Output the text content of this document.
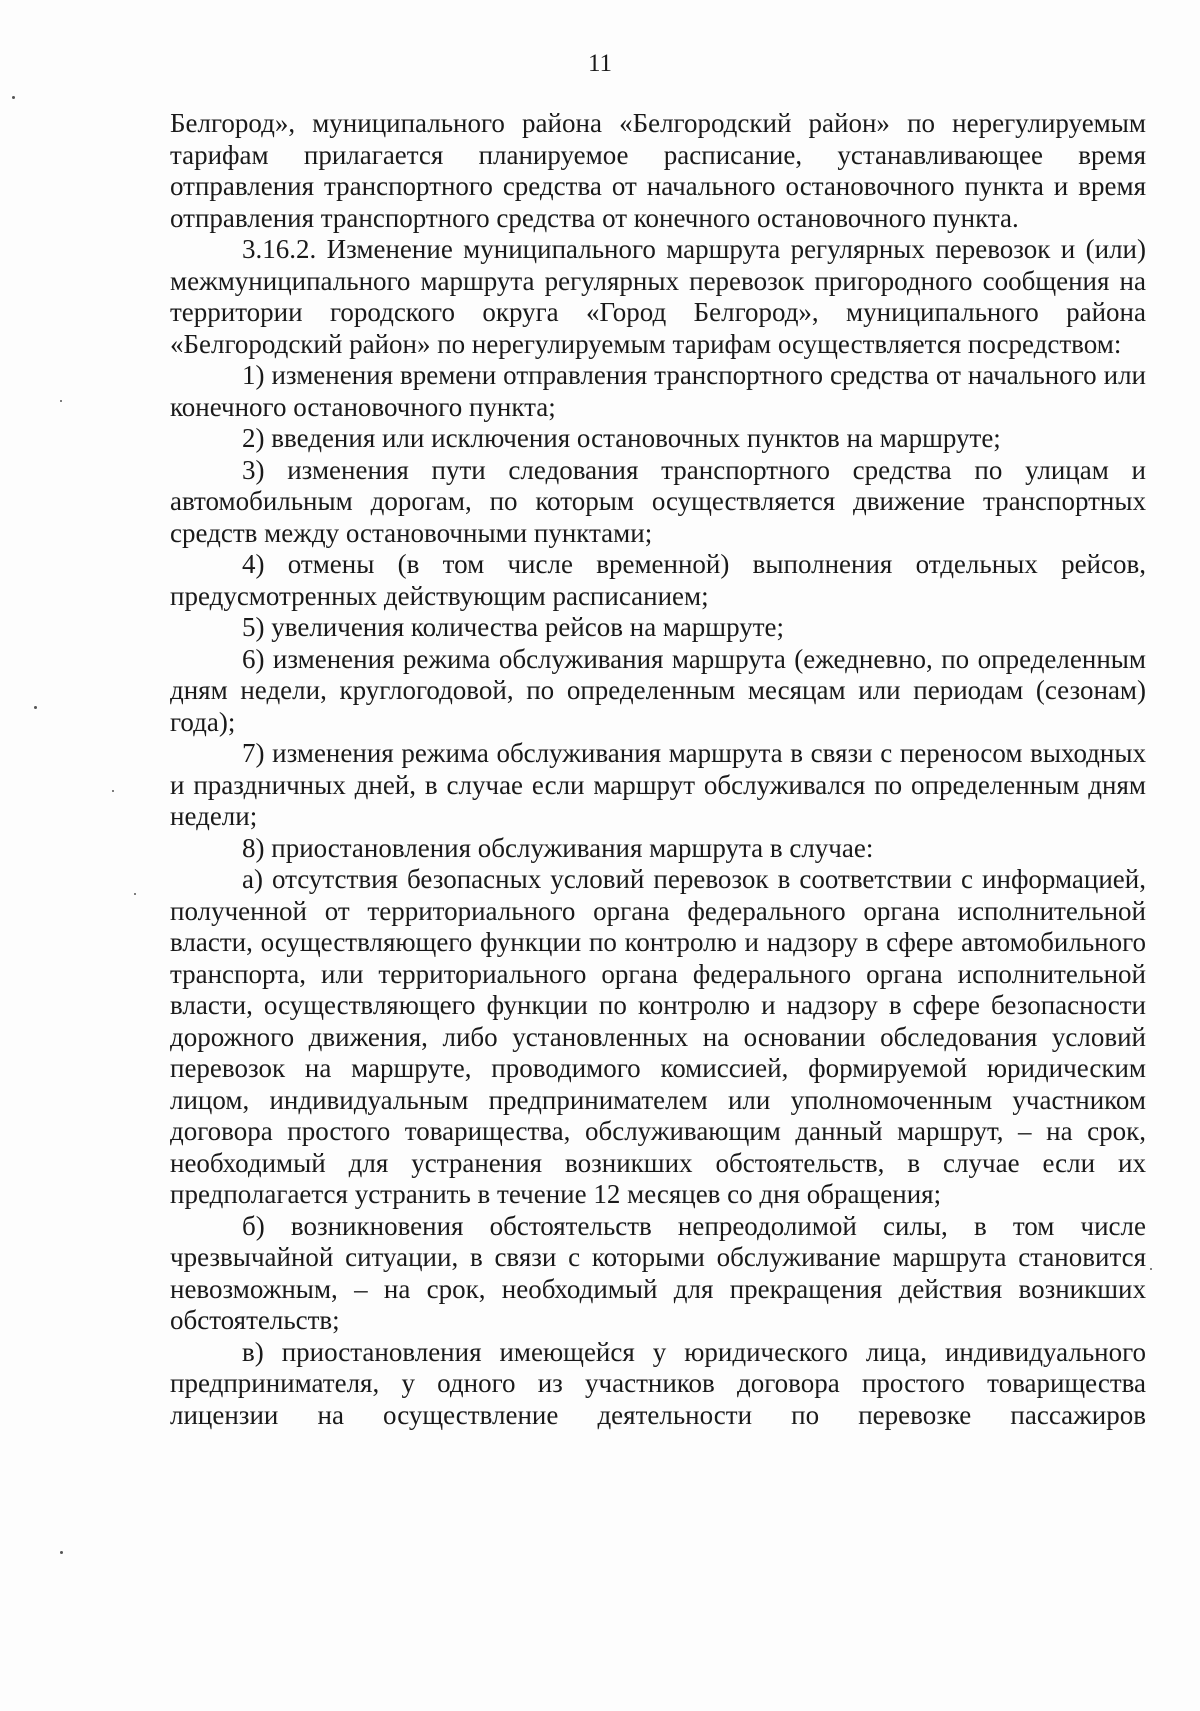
11

Белгород», муниципального района «Белгородский район» по нерегулируемым тарифам прилагается планируемое расписание, устанавливающее время отправления транспортного средства от начального остановочного пункта и время отправления транспортного средства от конечного остановочного пункта.

3.16.2. Изменение муниципального маршрута регулярных перевозок и (или) межмуниципального маршрута регулярных перевозок пригородного сообщения на территории городского округа «Город Белгород», муниципального района «Белгородский район» по нерегулируемым тарифам осуществляется посредством:

1) изменения времени отправления транспортного средства от начального или конечного остановочного пункта;

2) введения или исключения остановочных пунктов на маршруте;

3) изменения пути следования транспортного средства по улицам и автомобильным дорогам, по которым осуществляется движение транспортных средств между остановочными пунктами;

4) отмены (в том числе временной) выполнения отдельных рейсов, предусмотренных действующим расписанием;

5) увеличения количества рейсов на маршруте;

6) изменения режима обслуживания маршрута (ежедневно, по определенным дням недели, круглогодовой, по определенным месяцам или периодам (сезонам) года);

7) изменения режима обслуживания маршрута в связи с переносом выходных и праздничных дней, в случае если маршрут обслуживался по определенным дням недели;

8) приостановления обслуживания маршрута в случае:

а) отсутствия безопасных условий перевозок в соответствии с информацией, полученной от территориального органа федерального органа исполнительной власти, осуществляющего функции по контролю и надзору в сфере автомобильного транспорта, или территориального органа федерального органа исполнительной власти, осуществляющего функции по контролю и надзору в сфере безопасности дорожного движения, либо установленных на основании обследования условий перевозок на маршруте, проводимого комиссией, формируемой юридическим лицом, индивидуальным предпринимателем или уполномоченным участником договора простого товарищества, обслуживающим данный маршрут, – на срок, необходимый для устранения возникших обстоятельств, в случае если их предполагается устранить в течение 12 месяцев со дня обращения;

б) возникновения обстоятельств непреодолимой силы, в том числе чрезвычайной ситуации, в связи с которыми обслуживание маршрута становится невозможным, – на срок, необходимый для прекращения действия возникших обстоятельств;

в) приостановления имеющейся у юридического лица, индивидуального предпринимателя, у одного из участников договора простого товарищества лицензии на осуществление деятельности по перевозке пассажиров
